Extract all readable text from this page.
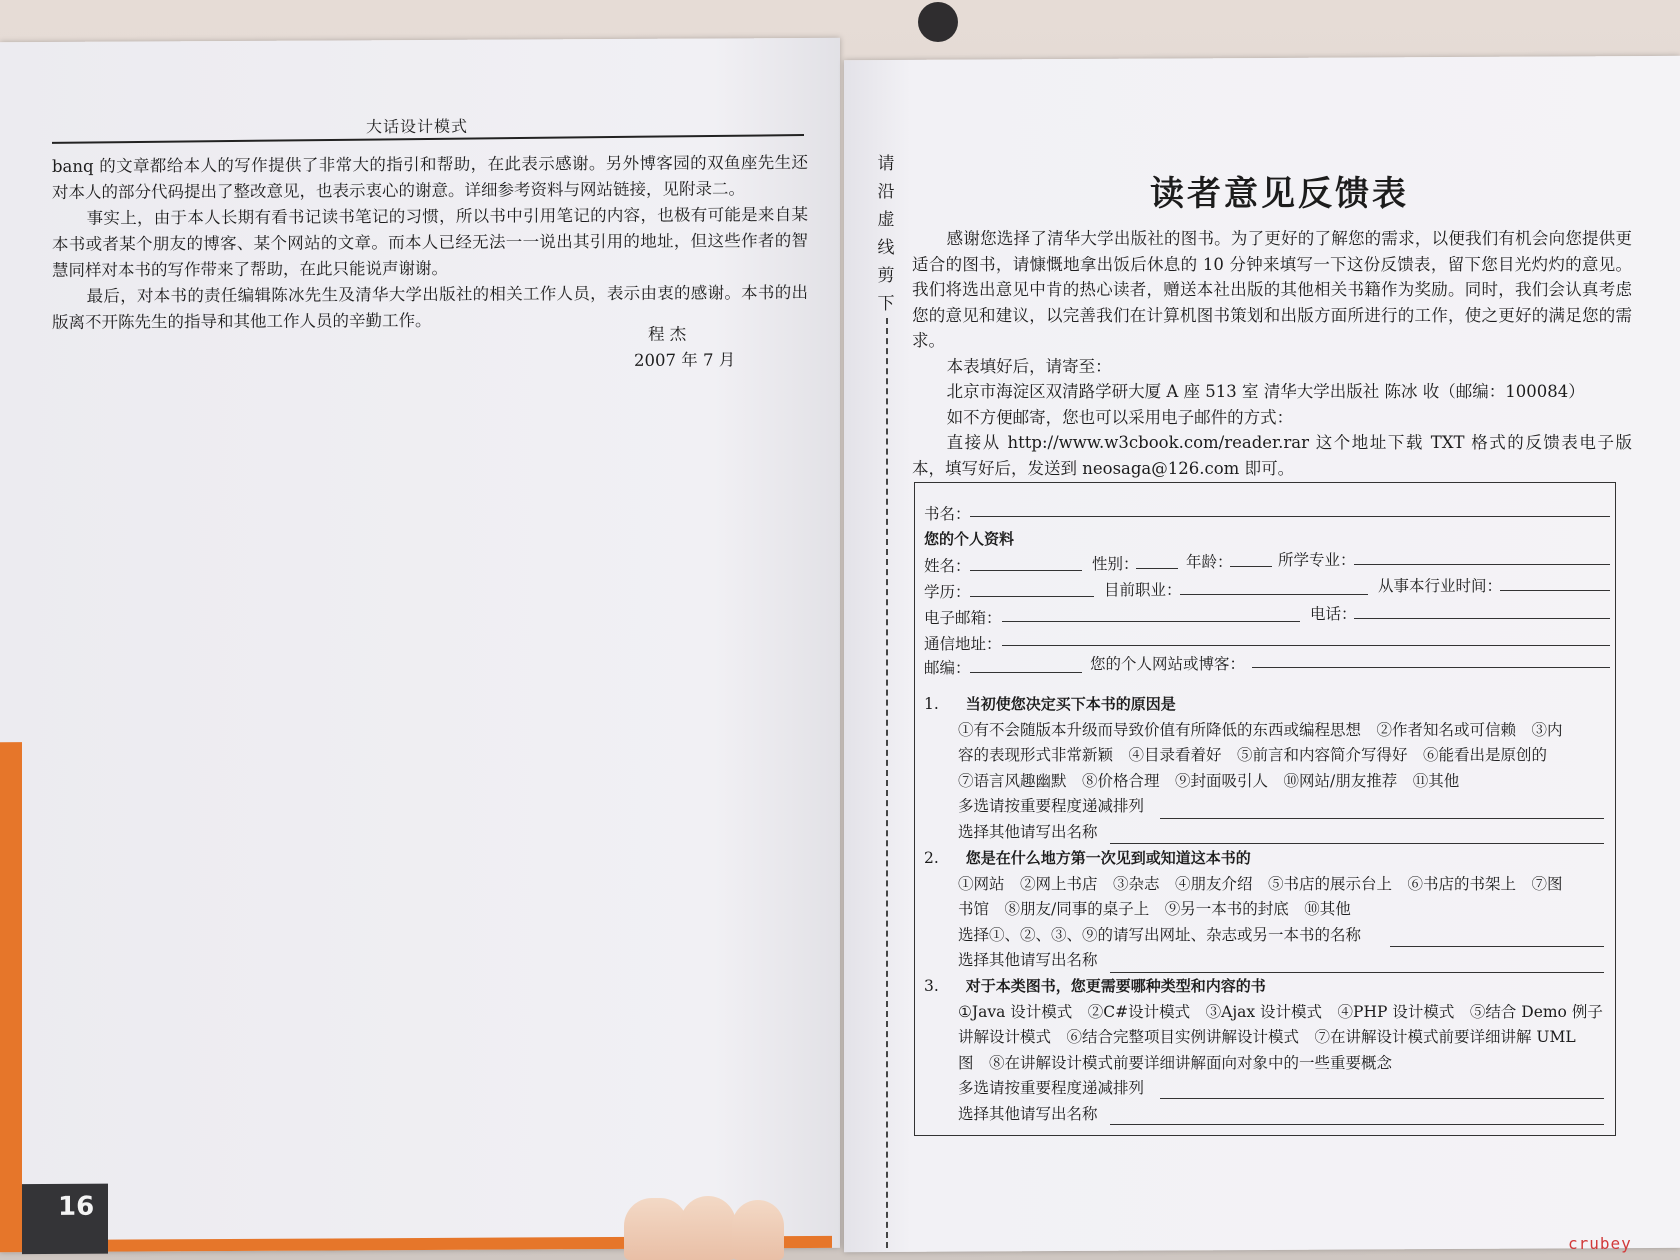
大话设计模式

banq 的文章都给本人的写作提供了非常大的指引和帮助，在此表示感谢。另外博客园的双鱼座先生还对本人的部分代码提出了整改意见，也表示衷心的谢意。详细参考资料与网站链接，见附录二。

事实上，由于本人长期有看书记读书笔记的习惯，所以书中引用笔记的内容，也极有可能是来自某本书或者某个朋友的博客、某个网站的文章。而本人已经无法一一说出其引用的地址，但这些作者的智慧同样对本书的写作带来了帮助，在此只能说声谢谢。

最后，对本书的责任编辑陈冰先生及清华大学出版社的相关工作人员，表示由衷的感谢。本书的出版离不开陈先生的指导和其他工作人员的辛勤工作。

程 杰
2007 年 7 月
16
请
沿
虚
线
剪
下
读者意见反馈表

感谢您选择了清华大学出版社的图书。为了更好的了解您的需求，以便我们有机会向您提供更适合的图书，请慷慨地拿出饭后休息的 10 分钟来填写一下这份反馈表，留下您目光灼灼的意见。我们将选出意见中肯的热心读者，赠送本社出版的其他相关书籍作为奖励。同时，我们会认真考虑您的意见和建议，以完善我们在计算机图书策划和出版方面所进行的工作，使之更好的满足您的需求。

本表填好后，请寄至：

北京市海淀区双清路学研大厦 A 座 513 室 清华大学出版社 陈冰 收（邮编：100084）

如不方便邮寄，您也可以采用电子邮件的方式：

直接从 http://www.w3cbook.com/reader.rar 这个地址下载 TXT 格式的反馈表电子版本，填写好后，发送到 neosaga@126.com 即可。

书名：
您的个人资料
姓名：	性别：	年龄：	所学专业：
学历：	目前职业：	从事本行业时间：
电子邮箱：	电话：
通信地址：
邮编：	您的个人网站或博客：
1. 当初使您决定买下本书的原因是
①有不会随版本升级而导致价值有所降低的东西或编程思想　②作者知名或可信赖　③内
容的表现形式非常新颖　④目录看着好　⑤前言和内容简介写得好　⑥能看出是原创的
⑦语言风趣幽默　⑧价格合理　⑨封面吸引人　⑩网站/朋友推荐　⑪其他
多选请按重要程度递减排列
选择其他请写出名称
2. 您是在什么地方第一次见到或知道这本书的
①网站　②网上书店　③杂志　④朋友介绍　⑤书店的展示台上　⑥书店的书架上　⑦图
书馆　⑧朋友/同事的桌子上　⑨另一本书的封底　⑩其他
选择①、②、③、⑨的请写出网址、杂志或另一本书的名称
选择其他请写出名称
3. 对于本类图书，您更需要哪种类型和内容的书
①Java 设计模式　②C#设计模式　③Ajax 设计模式　④PHP 设计模式　⑤结合 Demo 例子
讲解设计模式　⑥结合完整项目实例讲解设计模式　⑦在讲解设计模式前要详细讲解 UML
图　⑧在讲解设计模式前要详细讲解面向对象中的一些重要概念
多选请按重要程度递减排列
选择其他请写出名称
crubey
